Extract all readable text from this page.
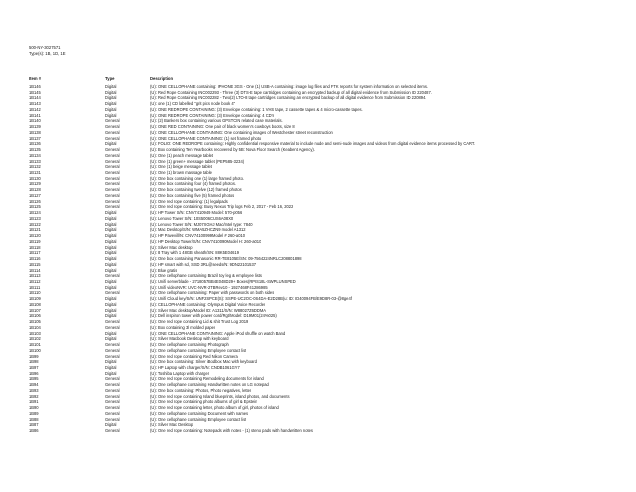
500-NY-3027571
Type(s): 1B, 1D, 1E
Item #	Type	Description
1B146	Digital	(U): ONE CELLOPHANE containing: IPHONE 3GS - One (1) USB-A containing: image log files and FTK reports for system information on selected items.
1B145	Digital	(U): Red Rope Containing INC002293 - Three (3) DTS-E tape cartridges containing an encrypted backup of all digital evidence from Submission ID 220487.
1B144	Digital	(U): Red Rope Containing INC002282 - Two(2) LTO-8 tape cartridges containing an encrypted backup of all digital evidence from Submission ID 220894.
1B143	Digital	(U): one (1) CD labelled "grit pics node book 4"
1B142	Digital	(U): ONE REDROPE CONTAINING: (3) Envelope containing: 1 VHS tape, 2 cassette tapes & 4 micro-cassette tapes.
1B141	Digital	(U): ONE REDROPE CONTAINING: (3) Envelope containing: 4 CD's
1B140	General	(U): (2) Bankers box containing various GPSTCIN related case materials.
1B139	General	(U): ONE RED CONTAINING: One pair of black women's cowboys boots, size 8
1B138	General	(U): ONE CELLOPHANE CONTAINING: One containing images of Westchester street reconstruction
1B137	General	(U): ONE CELLOPHANE CONTAINING: (1) set framed photo
1B136	Digital	(U): FOLIO: ONE REDROPE containing: Highly confidential responsive material to include nude and semi-nude images and videos from digital evidence items processed by CART.
1B135	General	(U): Box containing Ten Yearbooks recovered by 5B: Nova Floor Search (Keabent Agency).
1B134	General	(U): One (1) peach message tablet
1B133	General	(U): One (1) green+ message tablet (PEP585-3234)
1B132	General	(U): One (1) beige message tablet
1B131	General	(U): One (1) brown massage table
1B130	General	(U): One box containing one (1) large framed photo.
1B129	General	(U): One box containing four (4) framed photos.
1B128	General	(U): One box containing twelve (12) framed photos
1B127	General	(U): One box containing five (5) framed photos
1B126	General	(U): One red rope containing: (1) legalpads
1B125	General	(U): One red rope containing: Busy Nexus Trip logs Feb 2, 2017 - Feb 16, 2022
1B124	Digital	(U): HP Tower S/N: CNV7410949 Model: 570-p056
1B123	Digital	(U): Lenovo Tower S/N: 10S5006CUS6A08X0
1B122	Digital	(U): Lenovo Tower S/N: MJ07XGHJ Mac/Intel type: 7840
1B121	Digital	(U): Mac Desktop/S/N: WMA5ZHCZN9 model A1312
1B120	Digital	(U): HP Pavevill/N: CNV74100999Model # 260-a010
1B119	Digital	(U): HP Desktop Tower/S/N: CNV7410090Model H: 260-a010
1B118	Digital	(U): Silver Mac desktop
1B117	Digital	(U): 8 Tray with 1 48GB sheath/SN: 88K5E04619
1B116	Digital	(U): One box containing Panasonic RR-TE8105E/SN: 09-7564224NRLC208801898
1B115	Digital	(U): HP smart with sd, SSD 3RL@seeds/N: 9DN22101537
1B114	Digital	(U): Blue gratis
1B113	General	(U): One cellophane containing Brazil toy leg & employee lists
1B112	Digital	(U): Unifi serverblade - 2718057BB4E048D29+ Boxes(RPIS18L-SWPLUNSPED
1B111	Digital	(U): Unifi videoNVR: UVC-NVR-2TBRev10 - 1927468F41286985
1B110	General	(U): One cellophane containing: Paper with passwords on both sides
1B109	Digital	(U): Unifi Cloud key/S/N: UNF2SPCE(S): SSPE-UC2OC-0S4DA-E2D28B(u: ID: ID40094FB/E9D8R-03-@8ge4f
1B108	Digital	(U): CELLOPHANE containing: Olympus Digital Voice Recorder
1B107	Digital	(U): Silver Mac desktop/Model ID: A1311/S/N: W88027Z6DDMA
1B106	Digital	(U): Dell inspiron tower with power cord/Rgt/Model: D19M01(24%025)
1B105	General	(U): One red rope containing Lid & shit Trust Log 2019
1B104	General	(U): Box containing 3l molded paper
1B103	Digital	(U): ONE CELLOPHANE CONTAINING: Apple iPod shuffle on watch Band
1B102	Digital	(U): Silver Macbook Desktop with keyboard
1B101	General	(U): One cellophane containing Photograph
1B100	General	(U): One cellophane containing Employee contact list
1B99	General	(U): One red rope containing Red Nikon Camera
1B98	Digital	(U): One box containing: Silver iBodbox Mac with keyboard
1B97	Digital	(U): HP Laptop with charger/S/N: CNDB1061GY7
1B96	Digital	(U): Toshiba Laptop with charger
1B95	General	(U): One red rope containing Remodeling documents for island
1B94	General	(U): One cellophane containing Handwritten notes on LG notepad
1B93	General	(U): One box containing: Photos, Photo negatives, letter
1B92	General	(U): One red rope containing Island blueprints, island photos, and documents
1B91	General	(U): One red rope containing photo albums of girl & Epstein
1B90	General	(U): One red rope containing letter, photo album of girl, photos of island
1B89	General	(U): One cellophane containing Document with names
1B88	General	(U): One cellophane containing Employee contact list
1B87	Digital	(U): Silver Mac Desktop
1B86	General	(U): One red rope containing: Notepads with notes - (1) steno pads with handwritten notes
